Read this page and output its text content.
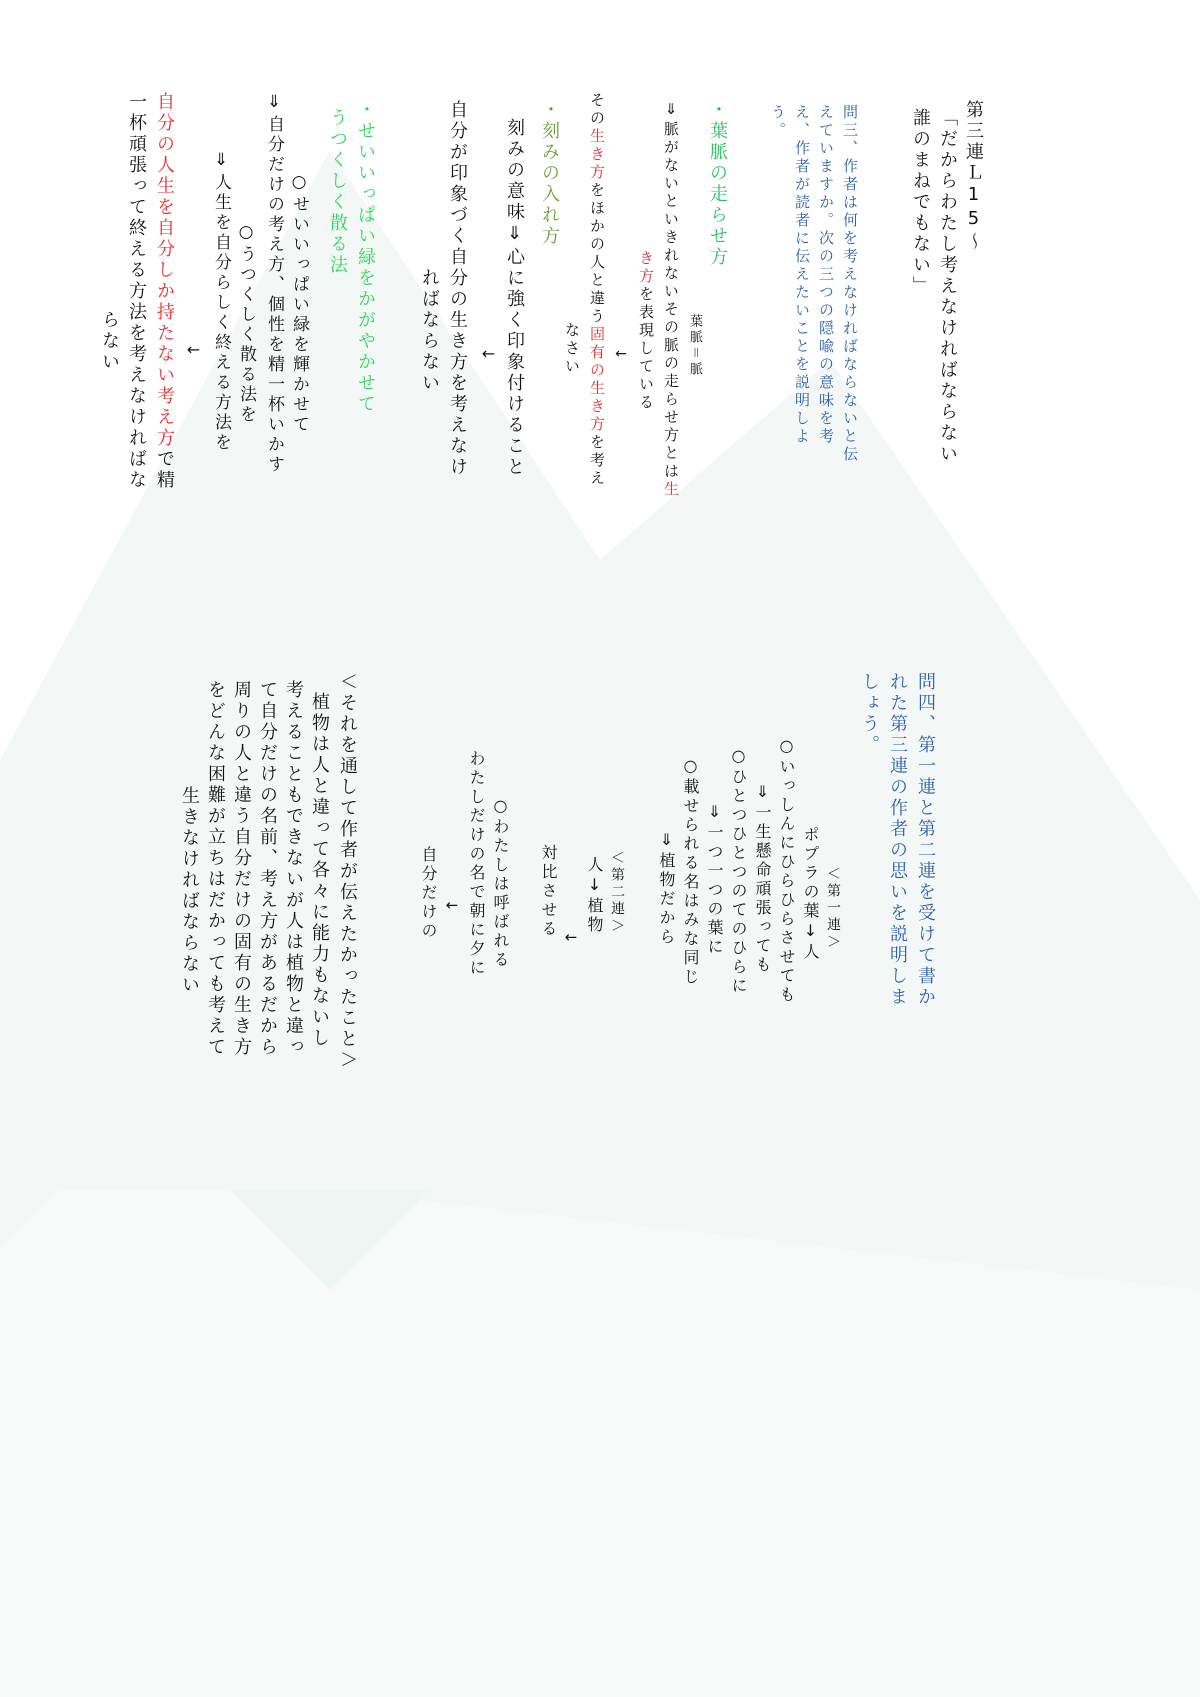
第三連Ｌ15〜
「だからわたし考えなければならない
誰のまねでもない」
問三、作者は何を考えなければならないと伝
えていますか。次の三つの隠喩の意味を考
え、作者が読者に伝えたいことを説明しよ
う。
・葉脈の走らせ方
葉脈＝脈
⇓脈がないといきれないその脈の走らせ方とは生
き方を表現している
←
その生き方をほかの人と違う固有の生き方を考え
なさい
・刻みの入れ方
刻みの意味⇓心に強く印象付けること
←
自分が印象づく自分の生き方を考えなけ
ればならない
・せいいっぱい緑をかがやかせて
うつくしく散る法
○せいいっぱい緑を輝かせて
⇓自分だけの考え方、個性を精一杯いかす
○うつくしく散る法を
⇓人生を自分らしく終える方法を
←
自分の人生を自分しか持たない考え方で精
一杯頑張って終える方法を考えなければな
らない
問四、第一連と第二連を受けて書か
れた第三連の作者の思いを説明しま
しょう。
＜第一連＞
ポプラの葉↓人
○いっしんにひらひらさせても
⇓一生懸命頑張っても
○ひとつひとつのてのひらに
⇓一つ一つの葉に
○載せられる名はみな同じ
⇓植物だから
＜第二連＞
人↓植物
←
対比させる
○わたしは呼ばれる
わたしだけの名で朝に夕に
←
自分だけの
＜それを通して作者が伝えたかったこと＞
植物は人と違って各々に能力もないし
考えることもできないが人は植物と違っ
て自分だけの名前、考え方があるだから
周りの人と違う自分だけの固有の生き方
をどんな困難が立ちはだかっても考えて
生きなければならない
